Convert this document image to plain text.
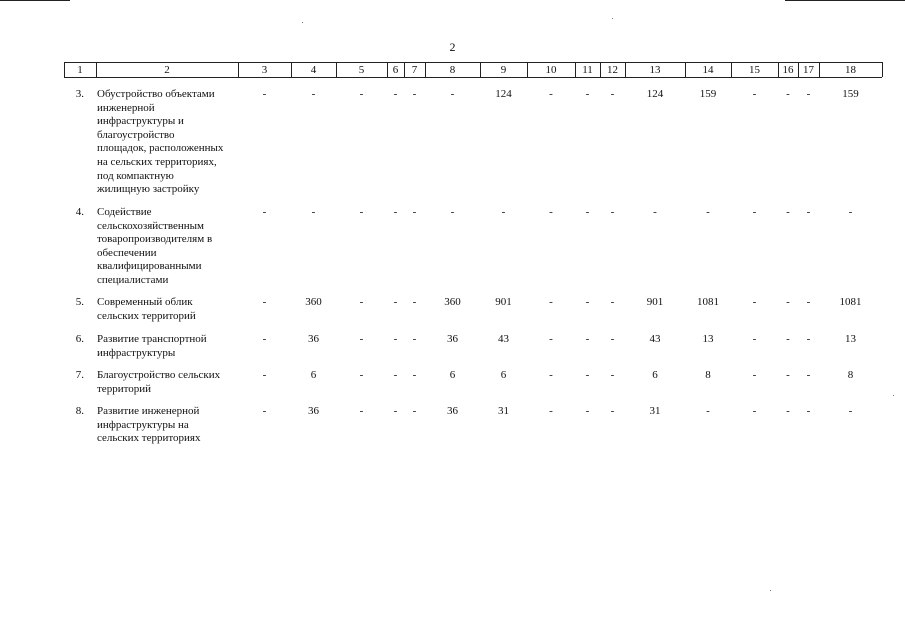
2
1	2	3	4	5	6	7	8	9	10	11	12	13	14	15	16 17	18
3. Обустройство объектами
инженерной
инфраструктуры и
благоустройство
площадок, расположенных
на сельских территориях,
под компактную
жилищную застройку
-	-	-	-	-	-	124	-	-	-	124	159	-	-	-	159
4. Содействие
сельскохозяйственным
товаропроизводителям в
обеспечении
квалифицированными
специалистами
-	-	-	-	-	-	-	-	-	-	-	-	-	-	-	-
5. Современный облик
сельских территорий
-	360	-	-	-	360	901	-	-	-	901	1081	-	-	-	1081
6. Развитие транспортной
инфраструктуры
-	36	-	-	-	36	43	-	-	-	43	13	-	-	-	13
7. Благоустройство сельских
территорий
-	6	-	-	-	6	6	-	-	-	6	8	-	-	-	8
8. Развитие инженерной
инфраструктуры на
сельских территориях
-	36	-	-	-	36	31	-	-	-	31	-	-	-	-	-
